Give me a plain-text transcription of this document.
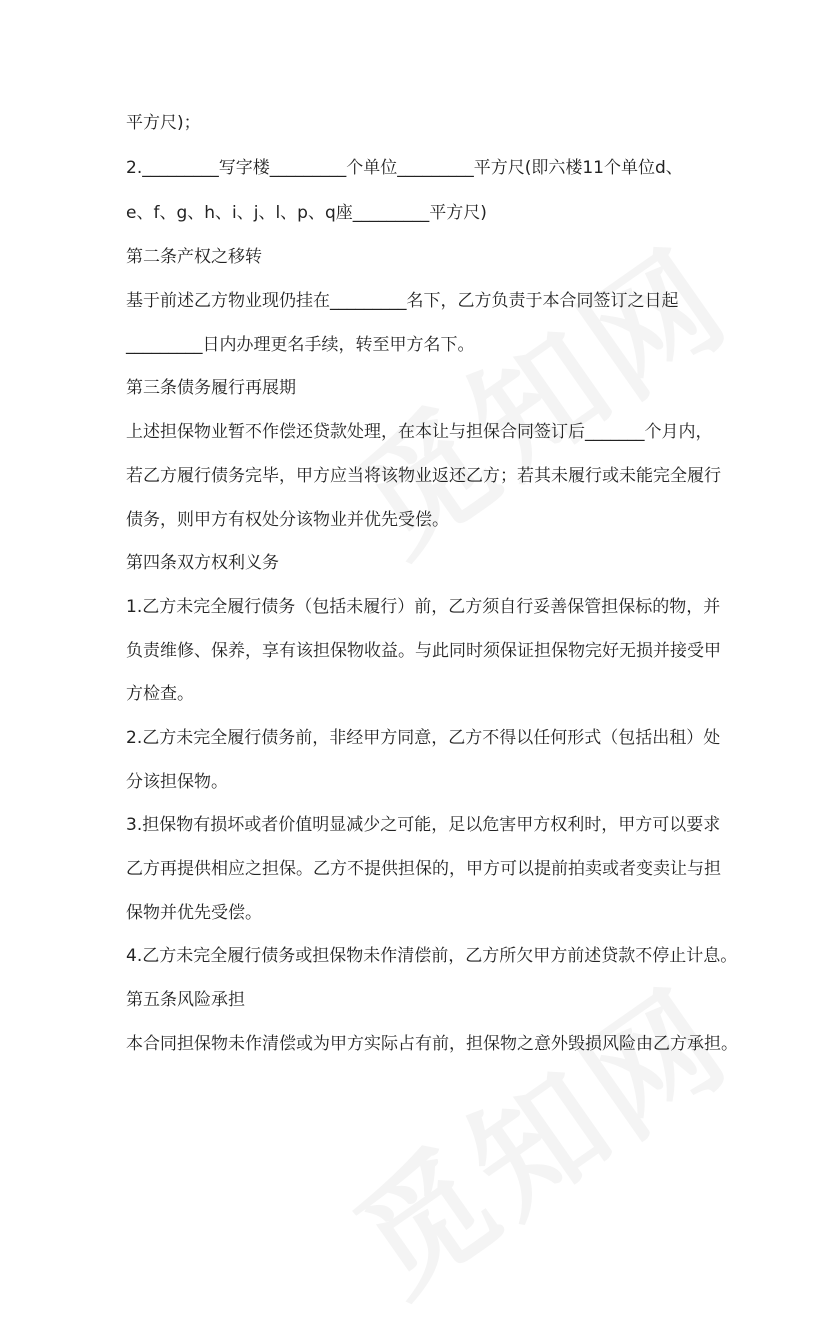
平方尺)；
2._________写字楼_________个单位_________平方尺(即六楼11个单位d、
e、f、g、h、i、j、l、p、q座_________平方尺)
第二条产权之移转
基于前述乙方物业现仍挂在_________名下，乙方负责于本合同签订之日起
_________日内办理更名手续，转至甲方名下。
第三条债务履行再展期
上述担保物业暂不作偿还贷款处理，在本让与担保合同签订后_______个月内，
若乙方履行债务完毕，甲方应当将该物业返还乙方；若其未履行或未能完全履行
债务，则甲方有权处分该物业并优先受偿。
第四条双方权利义务
1.乙方未完全履行债务（包括未履行）前，乙方须自行妥善保管担保标的物，并
负责维修、保养，享有该担保物收益。与此同时须保证担保物完好无损并接受甲
方检查。
2.乙方未完全履行债务前，非经甲方同意，乙方不得以任何形式（包括出租）处
分该担保物。
3.担保物有损坏或者价值明显减少之可能，足以危害甲方权利时，甲方可以要求
乙方再提供相应之担保。乙方不提供担保的，甲方可以提前拍卖或者变卖让与担
保物并优先受偿。
4.乙方未完全履行债务或担保物未作清偿前，乙方所欠甲方前述贷款不停止计息。
第五条风险承担
本合同担保物未作清偿或为甲方实际占有前，担保物之意外毁损风险由乙方承担。
